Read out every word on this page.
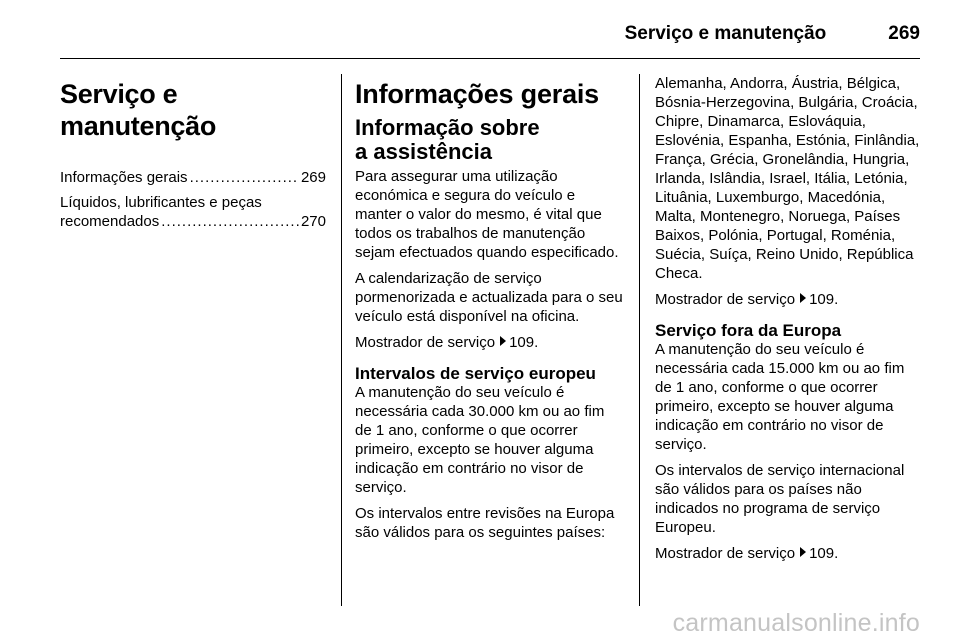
Serviço e manutenção	269
Serviço e manutenção
Informações gerais .....	269
Líquidos, lubrificantes e peças
recomendados .....	270
Informações gerais
Informação sobre a assistência

Para assegurar uma utilização económica e segura do veículo e manter o valor do mesmo, é vital que todos os trabalhos de manutenção sejam efectuados quando especificado.

A calendarização de serviço pormenorizada e actualizada para o seu veículo está disponível na oficina.

Mostrador de serviço 109.

Intervalos de serviço europeu

A manutenção do seu veículo é necessária cada 30.000 km ou ao fim de 1 ano, conforme o que ocorrer primeiro, excepto se houver alguma indicação em contrário no visor de serviço.

Os intervalos entre revisões na Europa são válidos para os seguintes países:

Alemanha, Andorra, Áustria, Bélgica, Bósnia-Herzegovina, Bulgária, Croácia, Chipre, Dinamarca, Eslováquia, Eslovénia, Espanha, Estónia, Finlândia, França, Grécia, Gronelândia, Hungria, Irlanda, Islândia, Israel, Itália, Letónia, Lituânia, Luxemburgo, Macedónia, Malta, Montenegro, Noruega, Países Baixos, Polónia, Portugal, Roménia, Suécia, Suíça, Reino Unido, República Checa.

Mostrador de serviço 109.

Serviço fora da Europa

A manutenção do seu veículo é necessária cada 15.000 km ou ao fim de 1 ano, conforme o que ocorrer primeiro, excepto se houver alguma indicação em contrário no visor de serviço.

Os intervalos de serviço internacional são válidos para os países não indicados no programa de serviço Europeu.

Mostrador de serviço 109.

carmanualsonline.info
